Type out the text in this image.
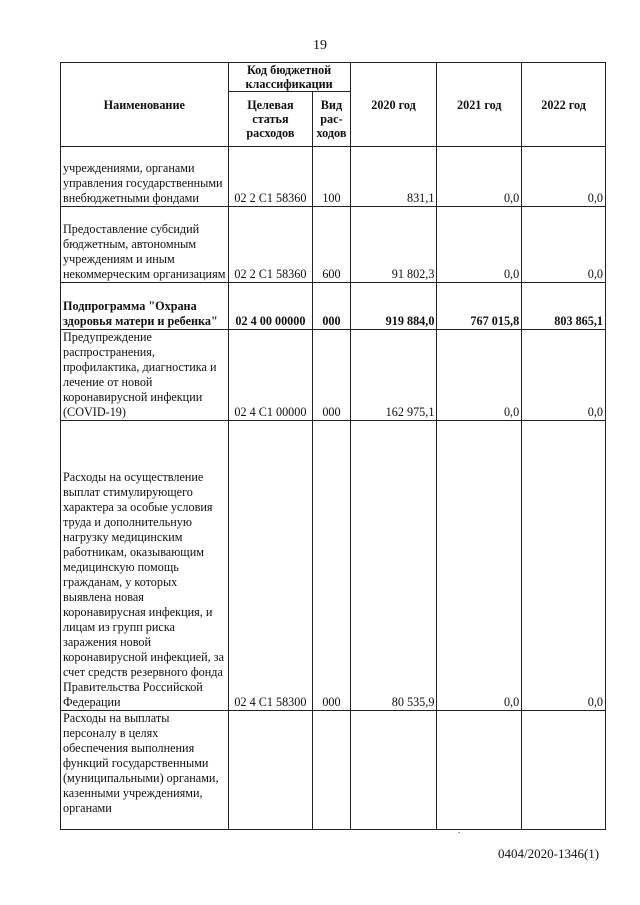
19
Наименование	Код бюджетной классификации		2020 год	2021 год	2022 год
	Целевая статья расходов	Вид рас- ходов			
учреждениями, органами управления государственными внебюджетными фондами	02 2 C1 58360	100	831,1	0,0	0,0
Предоставление субсидий бюджетным, автономным учреждениям и иным некоммерческим организациям	02 2 C1 58360	600	91 802,3	0,0	0,0
Подпрограмма "Охрана здоровья матери и ребенка"	02 4 00 00000	000	919 884,0	767 015,8	803 865,1
Предупреждение распространения, профилактика, диагностика и лечение от новой коронавирусной инфекции (COVID-19)	02 4 C1 00000	000	162 975,1	0,0	0,0
Расходы на осуществление выплат стимулирующего характера за особые условия труда и дополнительную нагрузку медицинским работникам, оказывающим медицинскую помощь гражданам, у которых выявлена новая коронавирусная инфекция, и лицам из групп риска заражения новой коронавирусной инфекцией, за счет средств резервного фонда Правительства Российской Федерации	02 4 C1 58300	000	80 535,9	0,0	0,0
Расходы на выплаты персоналу в целях обеспечения выполнения функций государственными (муниципальными) органами, казенными учреждениями, органами					
0404/2020-1346(1)
